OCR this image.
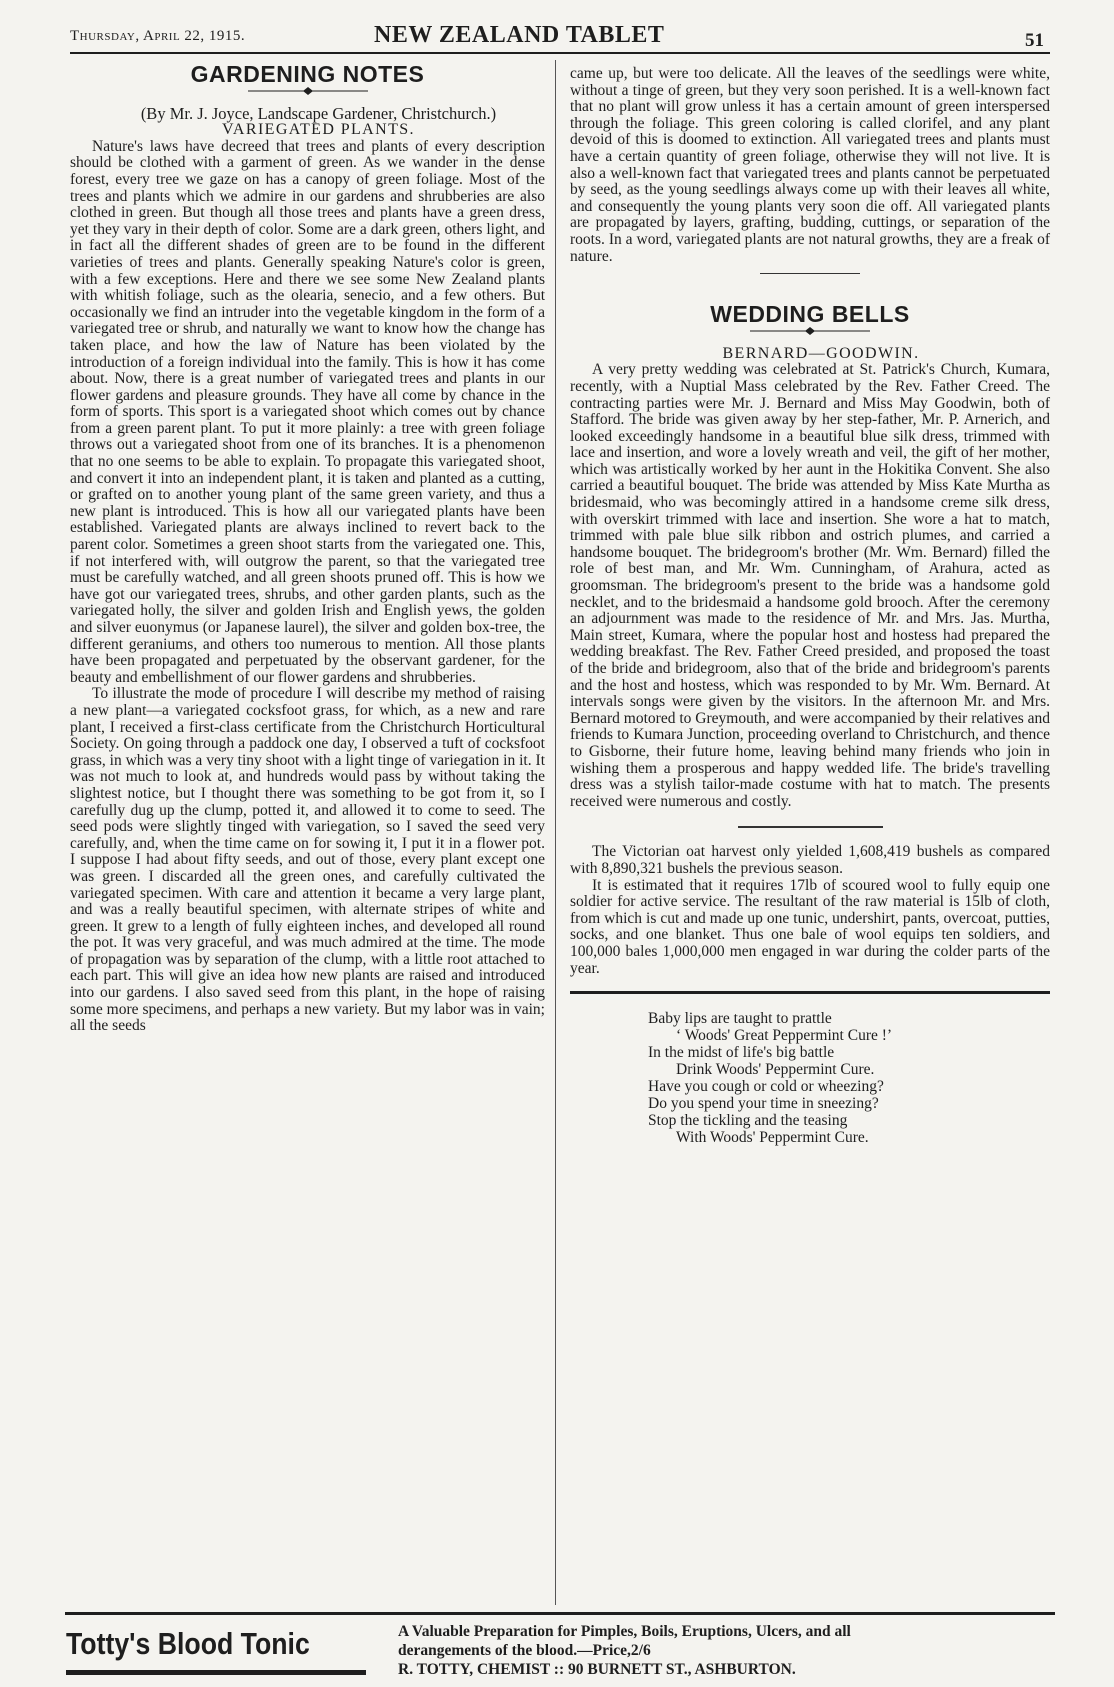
Thursday, April 22, 1915.	NEW ZEALAND TABLET	51
GARDENING NOTES

(By Mr. J. Joyce, Landscape Gardener, Christchurch.)

VARIEGATED PLANTS.

Nature's laws have decreed that trees and plants of every description should be clothed with a garment of green. As we wander in the dense forest, every tree we gaze on has a canopy of green foliage. Most of the trees and plants which we admire in our gardens and shrubberies are also clothed in green. But though all those trees and plants have a green dress, yet they vary in their depth of color. Some are a dark green, others light, and in fact all the different shades of green are to be found in the different varieties of trees and plants. Generally speaking Nature's color is green, with a few exceptions. Here and there we see some New Zealand plants with whitish foliage, such as the olearia, senecio, and a few others. But occasionally we find an intruder into the vegetable kingdom in the form of a variegated tree or shrub, and naturally we want to know how the change has taken place, and how the law of Nature has been violated by the introduction of a foreign individual into the family. This is how it has come about. Now, there is a great number of variegated trees and plants in our flower gardens and pleasure grounds. They have all come by chance in the form of sports. This sport is a variegated shoot which comes out by chance from a green parent plant. To put it more plainly: a tree with green foliage throws out a variegated shoot from one of its branches. It is a phenomenon that no one seems to be able to explain. To propagate this variegated shoot, and convert it into an independent plant, it is taken and planted as a cutting, or grafted on to another young plant of the same green variety, and thus a new plant is introduced. This is how all our variegated plants have been established. Variegated plants are always inclined to revert back to the parent color. Sometimes a green shoot starts from the variegated one. This, if not interfered with, will outgrow the parent, so that the variegated tree must be carefully watched, and all green shoots pruned off. This is how we have got our variegated trees, shrubs, and other garden plants, such as the variegated holly, the silver and golden Irish and English yews, the golden and silver euonymus (or Japanese laurel), the silver and golden box-tree, the different geraniums, and others too numerous to mention. All those plants have been propagated and perpetuated by the observant gardener, for the beauty and embellishment of our flower gardens and shrubberies.

To illustrate the mode of procedure I will describe my method of raising a new plant—a variegated cocksfoot grass, for which, as a new and rare plant, I received a first-class certificate from the Christchurch Horticultural Society. On going through a paddock one day, I observed a tuft of cocksfoot grass, in which was a very tiny shoot with a light tinge of variegation in it. It was not much to look at, and hundreds would pass by without taking the slightest notice, but I thought there was something to be got from it, so I carefully dug up the clump, potted it, and allowed it to come to seed. The seed pods were slightly tinged with variegation, so I saved the seed very carefully, and, when the time came on for sowing it, I put it in a flower pot. I suppose I had about fifty seeds, and out of those, every plant except one was green. I discarded all the green ones, and carefully cultivated the variegated specimen. With care and attention it became a very large plant, and was a really beautiful specimen, with alternate stripes of white and green. It grew to a length of fully eighteen inches, and developed all round the pot. It was very graceful, and was much admired at the time. The mode of propagation was by separation of the clump, with a little root attached to each part. This will give an idea how new plants are raised and introduced into our gardens. I also saved seed from this plant, in the hope of raising some more specimens, and perhaps a new variety. But my labor was in vain; all the seeds

came up, but were too delicate. All the leaves of the seedlings were white, without a tinge of green, but they very soon perished. It is a well-known fact that no plant will grow unless it has a certain amount of green interspersed through the foliage. This green coloring is called clorifel, and any plant devoid of this is doomed to extinction. All variegated trees and plants must have a certain quantity of green foliage, otherwise they will not live. It is also a well-known fact that variegated trees and plants cannot be perpetuated by seed, as the young seedlings always come up with their leaves all white, and consequently the young plants very soon die off. All variegated plants are propagated by layers, grafting, budding, cuttings, or separation of the roots. In a word, variegated plants are not natural growths, they are a freak of nature.

WEDDING BELLS

BERNARD—GOODWIN.

A very pretty wedding was celebrated at St. Patrick's Church, Kumara, recently, with a Nuptial Mass celebrated by the Rev. Father Creed. The contracting parties were Mr. J. Bernard and Miss May Goodwin, both of Stafford. The bride was given away by her step-father, Mr. P. Arnerich, and looked exceedingly handsome in a beautiful blue silk dress, trimmed with lace and insertion, and wore a lovely wreath and veil, the gift of her mother, which was artistically worked by her aunt in the Hokitika Convent. She also carried a beautiful bouquet. The bride was attended by Miss Kate Murtha as bridesmaid, who was becomingly attired in a handsome creme silk dress, with overskirt trimmed with lace and insertion. She wore a hat to match, trimmed with pale blue silk ribbon and ostrich plumes, and carried a handsome bouquet. The bridegroom's brother (Mr. Wm. Bernard) filled the role of best man, and Mr. Wm. Cunningham, of Arahura, acted as groomsman. The bridegroom's present to the bride was a handsome gold necklet, and to the bridesmaid a handsome gold brooch. After the ceremony an adjournment was made to the residence of Mr. and Mrs. Jas. Murtha, Main street, Kumara, where the popular host and hostess had prepared the wedding breakfast. The Rev. Father Creed presided, and proposed the toast of the bride and bridegroom, also that of the bride and bridegroom's parents and the host and hostess, which was responded to by Mr. Wm. Bernard. At intervals songs were given by the visitors. In the afternoon Mr. and Mrs. Bernard motored to Greymouth, and were accompanied by their relatives and friends to Kumara Junction, proceeding overland to Christchurch, and thence to Gisborne, their future home, leaving behind many friends who join in wishing them a prosperous and happy wedded life. The bride's travelling dress was a stylish tailor-made costume with hat to match. The presents received were numerous and costly.

The Victorian oat harvest only yielded 1,608,419 bushels as compared with 8,890,321 bushels the previous season.

It is estimated that it requires 17lb of scoured wool to fully equip one soldier for active service. The resultant of the raw material is 15lb of cloth, from which is cut and made up one tunic, undershirt, pants, overcoat, putties, socks, and one blanket. Thus one bale of wool equips ten soldiers, and 100,000 bales 1,000,000 men engaged in war during the colder parts of the year.

Baby lips are taught to prattle
‘ Woods' Great Peppermint Cure !’
In the midst of life's big battle
Drink Woods' Peppermint Cure.
Have you cough or cold or wheezing?
Do you spend your time in sneezing?
Stop the tickling and the teasing
With Woods' Peppermint Cure.
Totty's Blood Tonic	A Valuable Preparation for Pimples, Boils, Eruptions, Ulcers, and all
derangements of the blood.—Price,2/6
R. TOTTY, CHEMIST :: 90 BURNETT ST., ASHBURTON.
